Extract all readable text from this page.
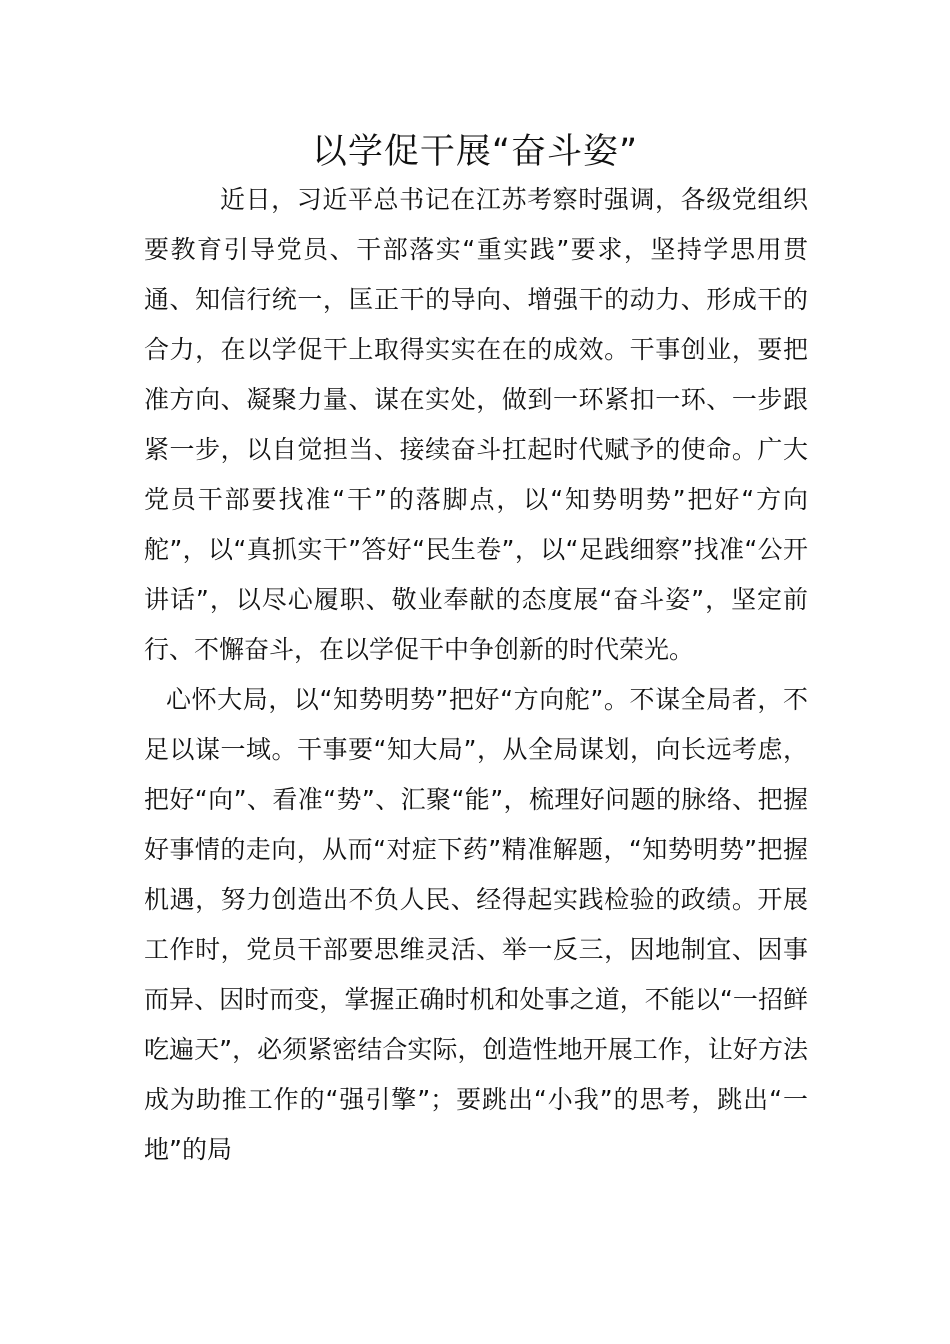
以学促干展“奋斗姿”

近日，习近平总书记在江苏考察时强调，各级党组织要教育引导党员、干部落实“重实践”要求，坚持学思用贯通、知信行统一，匡正干的导向、增强干的动力、形成干的合力，在以学促干上取得实实在在的成效。干事创业，要把准方向、凝聚力量、谋在实处，做到一环紧扣一环、一步跟紧一步，以自觉担当、接续奋斗扛起时代赋予的使命。广大党员干部要找准“干”的落脚点，以“知势明势”把好“方向舵”，以“真抓实干”答好“民生卷”，以“足践细察”找准“公开讲话”，以尽心履职、敬业奉献的态度展“奋斗姿”，坚定前行、不懈奋斗，在以学促干中争创新的时代荣光。

心怀大局，以“知势明势”把好“方向舵”。不谋全局者，不足以谋一域。干事要“知大局”，从全局谋划，向长远考虑，把好“向”、看准“势”、汇聚“能”，梳理好问题的脉络、把握好事情的走向，从而“对症下药”精准解题，“知势明势”把握机遇，努力创造出不负人民、经得起实践检验的政绩。开展工作时，党员干部要思维灵活、举一反三，因地制宜、因事而异、因时而变，掌握正确时机和处事之道，不能以“一招鲜吃遍天”，必须紧密结合实际，创造性地开展工作，让好方法成为助推工作的“强引擎”；要跳出“小我”的思考，跳出“一地”的局
